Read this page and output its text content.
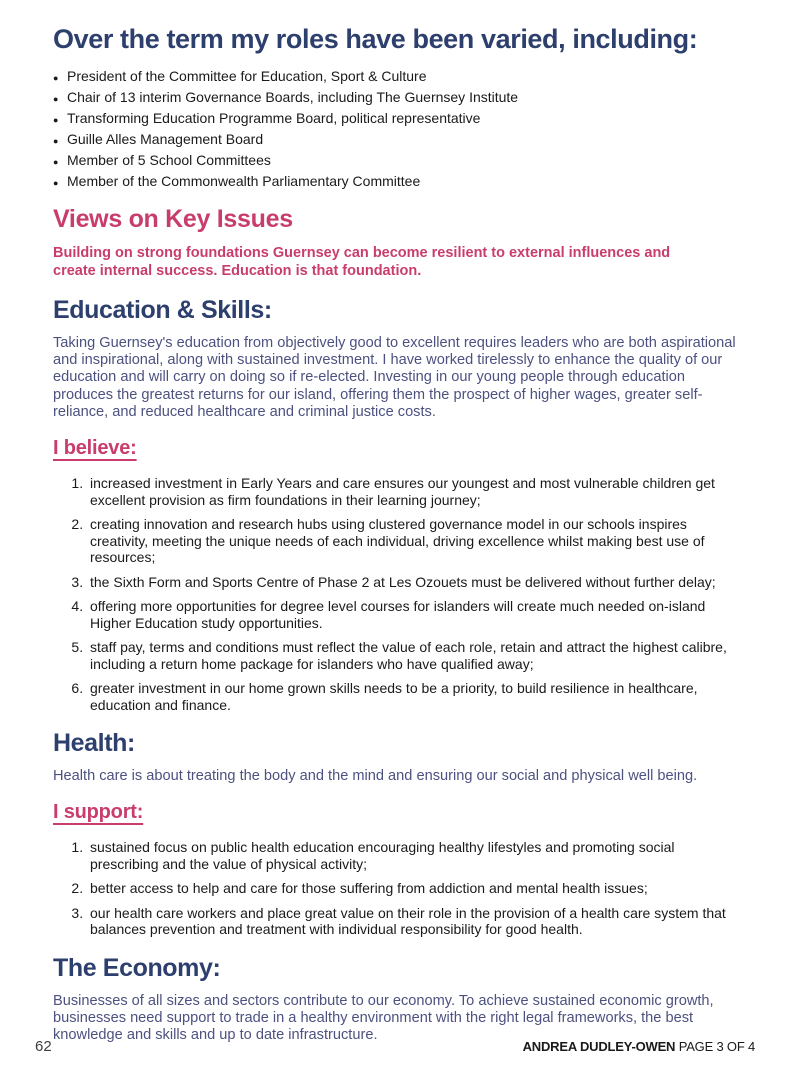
Over the term my roles have been varied, including:
● President of the Committee for Education, Sport & Culture
● Chair of 13 interim Governance Boards, including The Guernsey Institute
● Transforming Education Programme Board, political representative
● Guille Alles Management Board
● Member of 5 School Committees
● Member of the Commonwealth Parliamentary Committee
Views on Key Issues

Building on strong foundations Guernsey can become resilient to external influences and create internal success. Education is that foundation.

Education & Skills:

Taking Guernsey's education from objectively good to excellent requires leaders who are both aspirational and inspirational, along with sustained investment. I have worked tirelessly to enhance the quality of our education and will carry on doing so if re-elected. Investing in our young people through education produces the greatest returns for our island, offering them the prospect of higher wages, greater self-reliance, and reduced healthcare and criminal justice costs.

I believe:
1. increased investment in Early Years and care ensures our youngest and most vulnerable children get excellent provision as firm foundations in their learning journey;
2. creating innovation and research hubs using clustered governance model in our schools inspires creativity, meeting the unique needs of each individual, driving excellence whilst making best use of resources;
3. the Sixth Form and Sports Centre of Phase 2 at Les Ozouets must be delivered without further delay;
4. offering more opportunities for degree level courses for islanders will create much needed on-island Higher Education study opportunities.
5. staff pay, terms and conditions must reflect the value of each role, retain and attract the highest calibre, including a return home package for islanders who have qualified away;
6. greater investment in our home grown skills needs to be a priority, to build resilience in healthcare, education and finance.
Health:

Health care is about treating the body and the mind and ensuring our social and physical well being.

I support:
1. sustained focus on public health education encouraging healthy lifestyles and promoting social prescribing and the value of physical activity;
2. better access to help and care for those suffering from addiction and mental health issues;
3. our health care workers and place great value on their role in the provision of a health care system that balances prevention and treatment with individual responsibility for good health.
The Economy:

Businesses of all sizes and sectors contribute to our economy. To achieve sustained economic growth, businesses need support to trade in a healthy environment with the right legal frameworks, the best knowledge and skills and up to date infrastructure.

62	ANDREA DUDLEY-OWEN PAGE 3 OF 4
